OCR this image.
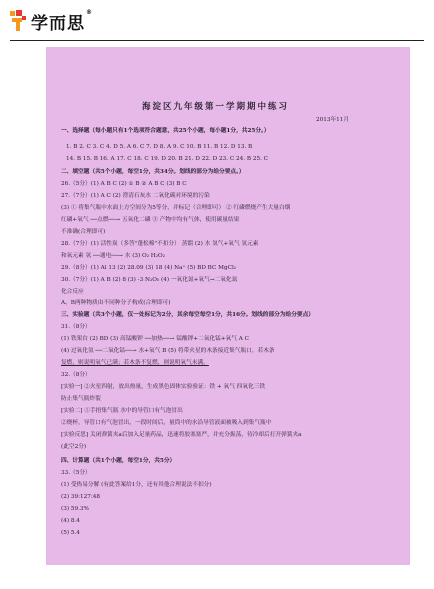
学而思®
海淀区九年级第一学期期中练习
2013年11月
一、选择题（每小题只有1个选项符合题意，共25个小题，每小题1分，共25分。）
1. B 2. C 3. C 4. D 5. A 6. C 7. D 8. A 9. C 10. B 11. B 12. D 13. B
14. B 15. B 16. A 17. C 18. C 19. D 20. B 21. D 22. D 23. C 24. B 25. C
二、填空题（共5个小题，每空1分，共34分。划线的部分为给分要点。）
26.（5分）(1) A B C (2) ① B ② A B C (3) B C
27.（7分）(1) A C (2) 澄清石灰水 二氧化碳对环境的污染
(3) ① 将集气瓶中水面上方空间分为5等分，并标记（合理即可） ② 红磷燃烧产生大量白烟
红磷+氧气 ──点燃──→ 五氧化二磷 ③ 产物中均有气体，使用碳量结果
不准确(合理即可)
28.（7分）(1) 活性炭（多答"蓬松棉"不扣分） 蒸馏 (2) 水 氢气+氧气 氢元素
和氧元素 氢 ──通电──→ 水 (3) O₂ H₂O₂
29.（8分）(1) Al 13 (2) 28.09 (3) 18 (4) Na⁺ (5) BD BC MgCl₂
30.（7分）(1) A B (2) 8 (3) -3 N₂O₅ (4) 一氧化氮+氧气→二氧化氮
化合反应
A、B两种物质由不同种分子构成(合理即可)
三、实验题（共3个小题，仅一处标记为2分，其余每空每空1分，共16分。划线的部分为给分要点）
31.（8分）
(1) 铁架台 (2) BD (3) 高锰酸钾 ──加热──→ 锰酸钾+二氧化锰+氧气 A C
(4) 过氧化氢 ──二氧化锰──→ 水+氧气 B (5) 将带火星的木条接近集气瓶口，若木条
复燃，则说明氧气已满；若木条不复燃，则说明氧气未满。
32.（8分）
[实验一] ②火星四射，放出热量，生成黑色固体实验验证：铁 + 氧气 四氧化三铁
防止集气瓶炸裂
[实验二] ①手捂集气瓶 水中的导管口有气泡冒出
②烧杯，导管口有气泡冒出，一段时间后，量筒中的水沿导管液面被吸入到集气瓶中
[实验反思] 关闭弹簧夹a后加入足量药品，迅速将胶塞塞严，并充分振荡，待冷却后打开弹簧夹a
(此空2分)
四、计算题（共1个小题，每空1分，共5分）
33.（5分）
(1) 受热易分解 (有此答案给1分，还有其他合理说法不扣分)
(2) 39:127:48
(3) 59.3%
(4) 8.4
(5) 5.4
